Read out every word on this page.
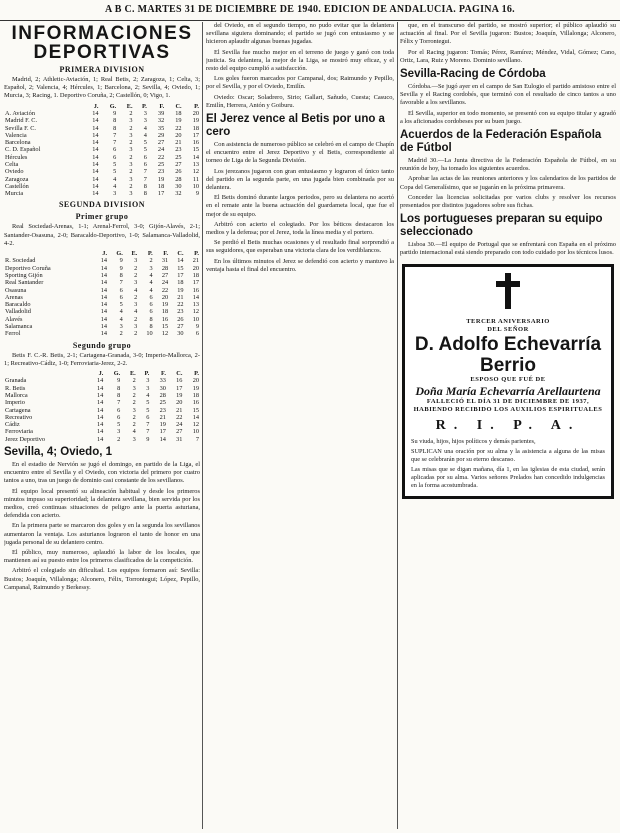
A B C. MARTES 31 DE DICIEMBRE DE 1940. EDICION DE ANDALUCIA. PAGINA 16.
INFORMACIONES DEPORTIVAS
PRIMERA DIVISION

Madrid, 2; Athletic-Aviación, 1; Real Betis, 2; Zaragoza, 1; Celta, 3; Español, 2; Valencia, 4; Hércules, 1; Barcelona, 2; Sevilla, 4; Oviedo, 1; Murcia, 3; Racing, 1. Deportivo Coruña, 2; Castellón, 0; Vigo, 1.

	J.	G.	E.	P.	F.	C.	P.
A. Aviación	14	9	2	3	39	18	20
Madrid F. C.	14	8	3	3	32	19	19
Sevilla F. C.	14	8	2	4	35	22	18
Valencia	14	7	3	4	29	20	17
Barcelona	14	7	2	5	27	21	16
C. D. Español	14	6	3	5	24	23	15
Hércules	14	6	2	6	22	25	14
Celta	14	5	3	6	25	27	13
Oviedo	14	5	2	7	23	26	12
Zaragoza	14	4	3	7	19	28	11
Castellón	14	4	2	8	18	30	10
Murcia	14	3	3	8	17	32	9
SEGUNDA DIVISION
Primer grupo

Real Sociedad-Arenas, 1-1; Arenal-Ferrol, 3-0; Gijón-Alavés, 2-1; Santander-Osasuna, 2-0; Baracaldo-Deportivo, 1-0; Salamanca-Valladolid, 4-2.

	J.	G.	E.	P.	F.	C.	P.
R. Sociedad	14	9	3	2	31	14	21
Deportivo Coruña	14	9	2	3	28	15	20
Sporting Gijón	14	8	2	4	27	17	18
Real Santander	14	7	3	4	24	18	17
Osasuna	14	6	4	4	22	19	16
Arenas	14	6	2	6	20	21	14
Baracaldo	14	5	3	6	19	22	13
Valladolid	14	4	4	6	18	23	12
Alavés	14	4	2	8	16	26	10
Salamanca	14	3	3	8	15	27	9
Ferrol	14	2	2	10	12	30	6
Segundo grupo

Betis F. C.-R. Betis, 2-1; Cartagena-Granada, 3-0; Imperio-Mallorca, 2-1; Recreativo-Cádiz, 1-0; Ferroviaria-Jerez, 2-2.

	J.	G.	E.	P.	F.	C.	P.
Granada	14	9	2	3	33	16	20
R. Betis	14	8	3	3	30	17	19
Mallorca	14	8	2	4	28	19	18
Imperio	14	7	2	5	25	20	16
Cartagena	14	6	3	5	23	21	15
Recreativo	14	6	2	6	21	22	14
Cádiz	14	5	2	7	19	24	12
Ferroviaria	14	3	4	7	17	27	10
Jerez Deportivo	14	2	3	9	14	31	7
Sevilla, 4; Oviedo, 1

En el estadio de Nervión se jugó el domingo, en partido de la Liga, el encuentro entre el Sevilla y el Oviedo, con victoria del primero por cuatro tantos a uno, tras un juego de dominio casi constante de los sevillanos.

El equipo local presentó su alineación habitual y desde los primeros minutos impuso su superioridad; la delantera sevillana, bien servida por los medios, creó continuas situaciones de peligro ante la puerta asturiana, defendida con acierto.

En la primera parte se marcaron dos goles y en la segunda los sevillanos aumentaron la ventaja. Los asturianos lograron el tanto de honor en una jugada personal de su delantero centro.

El público, muy numeroso, aplaudió la labor de los locales, que mantienen así su puesto entre los primeros clasificados de la competición.

Arbitró el colegiado sin dificultad. Los equipos formaron así: Sevilla: Bustos; Joaquín, Villalonga; Alconero, Félix, Torrontegui; López, Pepillo, Campanal, Raimundo y Berkessy.

del Oviedo, en el segundo tiempo, no pudo evitar que la delantera sevillana siguiera dominando; el partido se jugó con entusiasmo y se hicieron aplaudir algunas buenas jugadas.

El Sevilla fue mucho mejor en el terreno de juego y ganó con toda justicia. Su delantera, la mejor de la Liga, se mostró muy eficaz, y el resto del equipo cumplió a satisfacción.

Los goles fueron marcados por Campanal, dos; Raimundo y Pepillo, por el Sevilla, y por el Oviedo, Emilín.

Oviedo: Oscar; Soladrero, Sirio; Gallart, Sañudo, Cuesta; Casuco, Emilín, Herrera, Antón y Goiburu.

El Jerez vence al Betis por uno a cero

Con asistencia de numeroso público se celebró en el campo de Chapín el encuentro entre el Jerez Deportivo y el Betis, correspondiente al torneo de Liga de la Segunda División.

Los jerezanos jugaron con gran entusiasmo y lograron el único tanto del partido en la segunda parte, en una jugada bien combinada por su delantera.

El Betis dominó durante largos periodos, pero su delantera no acertó en el remate ante la buena actuación del guardameta local, que fue el mejor de su equipo.

Arbitró con acierto el colegiado. Por los béticos destacaron los medios y la defensa; por el Jerez, toda la línea media y el portero.

Se perdió el Betis muchas ocasiones y el resultado final sorprendió a sus seguidores, que esperaban una victoria clara de los verdiblancos.

En los últimos minutos el Jerez se defendió con acierto y mantuvo la ventaja hasta el final del encuentro.

que, en el transcurso del partido, se mostró superior; el público aplaudió su actuación al final. Por el Sevilla jugaron: Bustos; Joaquín, Villalonga; Alconero, Félix y Torrontegui.

Por el Racing jugaron: Tomás; Pérez, Ramírez; Méndez, Vidal, Gómez; Cano, Ortiz, Lara, Ruiz y Moreno. Dominio sevillano.

Sevilla-Racing de Córdoba

Córdoba.—Se jugó ayer en el campo de San Eulogio el partido amistoso entre el Sevilla y el Racing cordobés, que terminó con el resultado de cinco tantos a uno favorable a los sevillanos.

El Sevilla, superior en todo momento, se presentó con su equipo titular y agradó a los aficionados cordobeses por su buen juego.

Acuerdos de la Federación Española de Fútbol

Madrid 30.—La Junta directiva de la Federación Española de Fútbol, en su reunión de hoy, ha tomado los siguientes acuerdos.

Aprobar las actas de las reuniones anteriores y los calendarios de los partidos de Copa del Generalísimo, que se jugarán en la próxima primavera.

Conceder las licencias solicitadas por varios clubs y resolver los recursos presentados por distintos jugadores sobre sus fichas.

Los portugueses preparan su equipo seleccionado

Lisboa 30.—El equipo de Portugal que se enfrentará con España en el próximo partido internacional está siendo preparado con todo cuidado por los técnicos lusos.

TERCER ANIVERSARIO
DEL SEÑOR
D. Adolfo Echevarría Berrio
ESPOSO QUE FUÉ DE
Doña María Echevarría Arellaurtena
FALLECIÓ EL DÍA 31 DE DICIEMBRE DE 1937, HABIENDO RECIBIDO LOS AUXILIOS ESPIRITUALES
R. I. P. A.

Su viuda, hijos, hijos políticos y demás parientes,

SUPLICAN una oración por su alma y la asistencia a alguna de las misas que se celebrarán por su eterno descanso.

Las misas que se digan mañana, día 1, en las iglesias de esta ciudad, serán aplicadas por su alma. Varios señores Prelados han concedido indulgencias en la forma acostumbrada.
